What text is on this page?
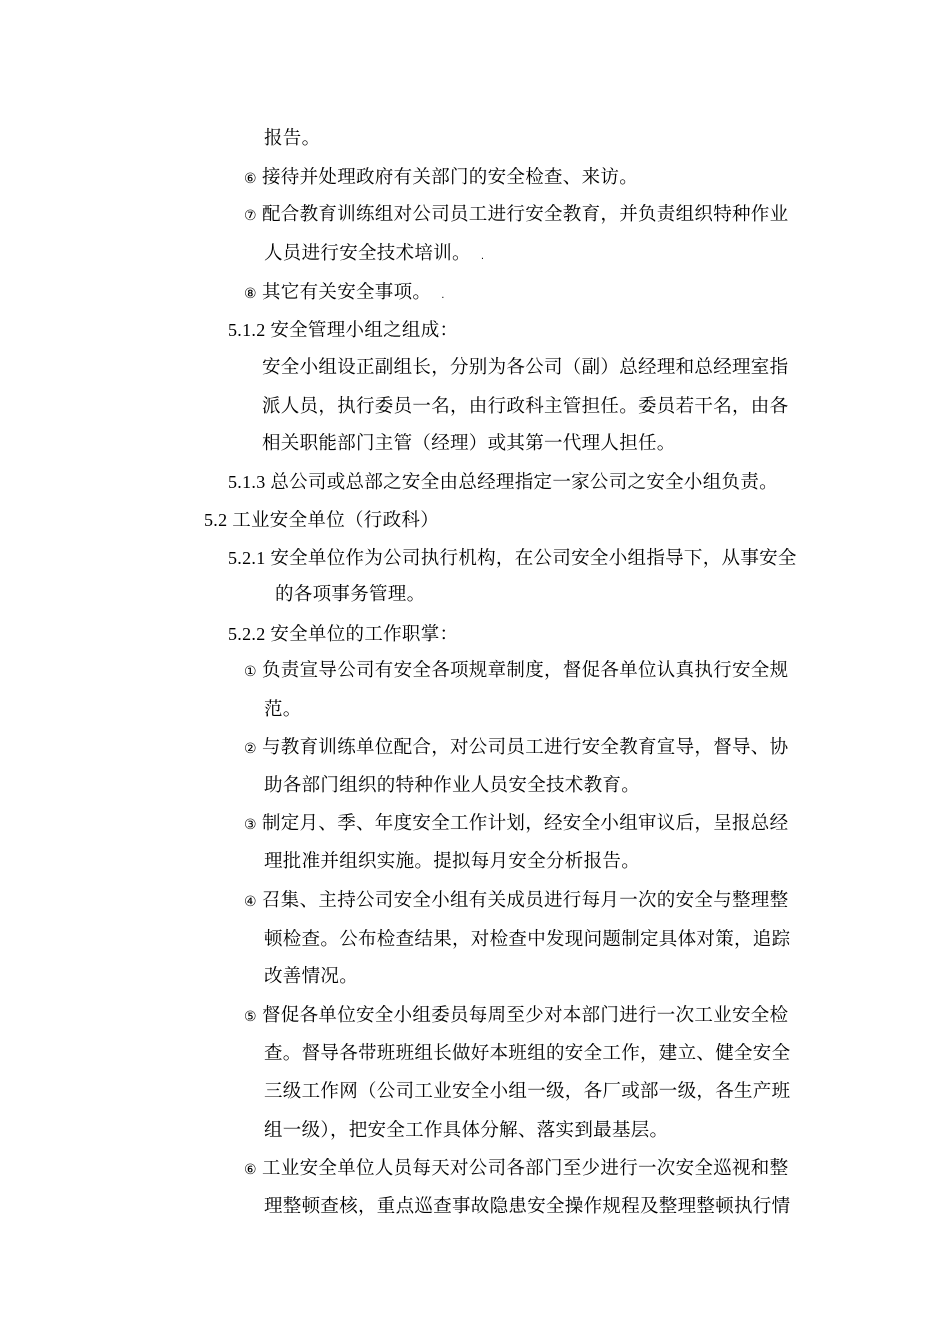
报告。
⑥ 接待并处理政府有关部门的安全检查、来访。
⑦ 配合教育训练组对公司员工进行安全教育，并负责组织特种作业
人员进行安全技术培训。 .
⑧ 其它有关安全事项。 .
5.1.2 安全管理小组之组成：
安全小组设正副组长，分别为各公司（副）总经理和总经理室指
派人员，执行委员一名，由行政科主管担任。委员若干名，由各
相关职能部门主管（经理）或其第一代理人担任。
5.1.3 总公司或总部之安全由总经理指定一家公司之安全小组负责。
5.2 工业安全单位（行政科）
5.2.1 安全单位作为公司执行机构，在公司安全小组指导下，从事安全
的各项事务管理。
5.2.2 安全单位的工作职掌：
① 负责宣导公司有安全各项规章制度，督促各单位认真执行安全规
范。
② 与教育训练单位配合，对公司员工进行安全教育宣导，督导、协
助各部门组织的特种作业人员安全技术教育。
③ 制定月、季、年度安全工作计划，经安全小组审议后，呈报总经
理批准并组织实施。提拟每月安全分析报告。
④ 召集、主持公司安全小组有关成员进行每月一次的安全与整理整
顿检查。公布检查结果，对检查中发现问题制定具体对策，追踪
改善情况。
⑤ 督促各单位安全小组委员每周至少对本部门进行一次工业安全检
查。督导各带班班组长做好本班组的安全工作，建立、健全安全
三级工作网（公司工业安全小组一级，各厂或部一级，各生产班
组一级），把安全工作具体分解、落实到最基层。
⑥ 工业安全单位人员每天对公司各部门至少进行一次安全巡视和整
理整顿查核，重点巡查事故隐患安全操作规程及整理整顿执行情
